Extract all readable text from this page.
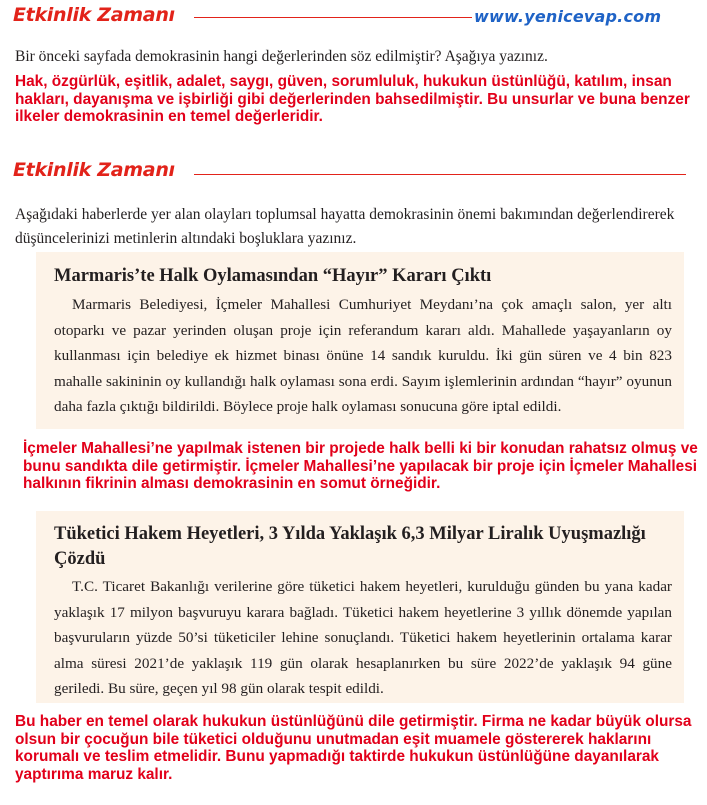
Etkinlik Zamanı	www.yenicevap.com
Bir önceki sayfada demokrasinin hangi değerlerinden söz edilmiştir? Aşağıya yazınız.
Hak, özgürlük, eşitlik, adalet, saygı, güven, sorumluluk, hukukun üstünlüğü, katılım, insan hakları, dayanışma ve işbirliği gibi değerlerinden bahsedilmiştir. Bu unsurlar ve buna benzer ilkeler demokrasinin en temel değerleridir.
Etkinlik Zamanı
Aşağıdaki haberlerde yer alan olayları toplumsal hayatta demokrasinin önemi bakımından değerlendirerek düşüncelerinizi metinlerin altındaki boşluklara yazınız.
Marmaris’te Halk Oylamasından “Hayır” Kararı Çıktı

Marmaris Belediyesi, İçmeler Mahallesi Cumhuriyet Meydanı’na çok amaçlı salon, yer altı otoparkı ve pazar yerinden oluşan proje için referandum kararı aldı. Mahallede yaşayanların oy kullanması için belediye ek hizmet binası önüne 14 sandık kuruldu. İki gün süren ve 4 bin 823 mahalle sakininin oy kullandığı halk oylaması sona erdi. Sayım işlemlerinin ardından “hayır” oyunun daha fazla çıktığı bildirildi. Böylece proje halk oylaması sonucuna göre iptal edildi.

İçmeler Mahallesi’ne yapılmak istenen bir projede halk belli ki bir konudan rahatsız olmuş ve bunu sandıkta dile getirmiştir. İçmeler Mahallesi’ne yapılacak bir proje için İçmeler Mahallesi halkının fikrinin alması demokrasinin en somut örneğidir.
Tüketici Hakem Heyetleri, 3 Yılda Yaklaşık 6,3 Milyar Liralık Uyuşmazlığı Çözdü

T.C. Ticaret Bakanlığı verilerine göre tüketici hakem heyetleri, kurulduğu günden bu yana kadar yaklaşık 17 milyon başvuruyu karara bağladı. Tüketici hakem heyetlerine 3 yıllık dönemde yapılan başvuruların yüzde 50’si tüketiciler lehine sonuçlandı. Tüketici hakem heyetlerinin ortalama karar alma süresi 2021’de yaklaşık 119 gün olarak hesaplanırken bu süre 2022’de yaklaşık 94 güne geriledi. Bu süre, geçen yıl 98 gün olarak tespit edildi.

Bu haber en temel olarak hukukun üstünlüğünü dile getirmiştir. Firma ne kadar büyük olursa olsun bir çocuğun bile tüketici olduğunu unutmadan eşit muamele göstererek haklarını korumalı ve teslim etmelidir. Bunu yapmadığı taktirde hukukun üstünlüğüne dayanılarak yaptırıma maruz kalır.
